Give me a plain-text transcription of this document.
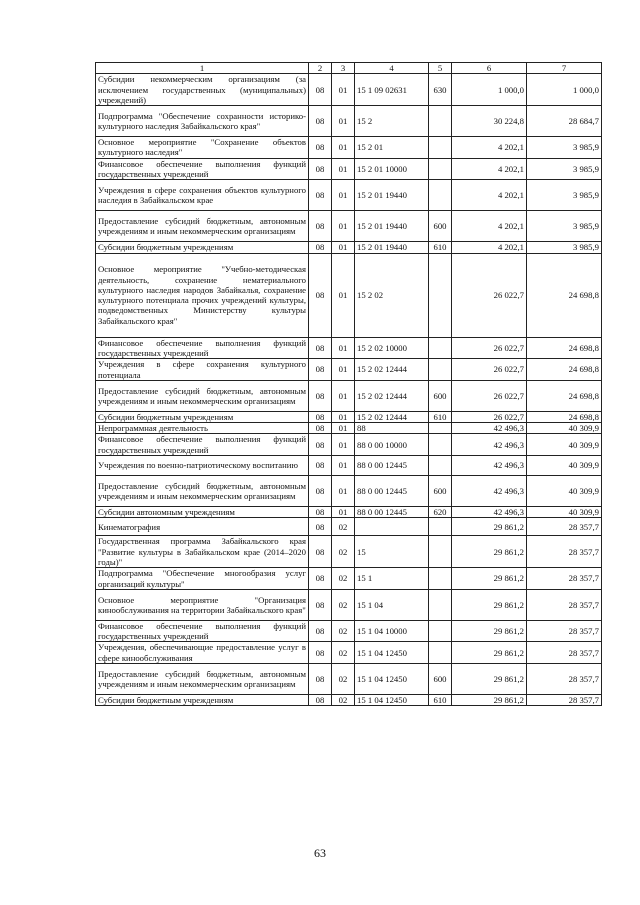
1	2	3	4	5	6	7
Субсидии некоммерческим организациям (за исключением государственных (муниципальных) учреждений)	08	01	15 1 09 02631	630	1 000,0	1 000,0
Подпрограмма "Обеспечение сохранности историко-культурного наследия Забайкальского края"	08	01	15 2		30 224,8	28 684,7
Основное мероприятие "Сохранение объектов культурного наследия"	08	01	15 2 01		4 202,1	3 985,9
Финансовое обеспечение выполнения функций государственных учреждений	08	01	15 2 01 10000		4 202,1	3 985,9
Учреждения в сфере сохранения объектов культурного наследия в Забайкальском крае	08	01	15 2 01 19440		4 202,1	3 985,9
Предоставление субсидий бюджетным, автономным учреждениям и иным некоммерческим организациям	08	01	15 2 01 19440	600	4 202,1	3 985,9
Субсидии бюджетным учреждениям	08	01	15 2 01 19440	610	4 202,1	3 985,9
Основное мероприятие "Учебно-методическая деятельность, сохранение нематериального культурного наследия народов Забайкалья, сохранение культурного потенциала прочих учреждений культуры, подведомственных Министерству культуры Забайкальского края"	08	01	15 2 02		26 022,7	24 698,8
Финансовое обеспечение выполнения функций государственных учреждений	08	01	15 2 02 10000		26 022,7	24 698,8
Учреждения в сфере сохранения культурного потенциала	08	01	15 2 02 12444		26 022,7	24 698,8
Предоставление субсидий бюджетным, автономным учреждениям и иным некоммерческим организациям	08	01	15 2 02 12444	600	26 022,7	24 698,8
Субсидии бюджетным учреждениям	08	01	15 2 02 12444	610	26 022,7	24 698,8
Непрограммная деятельность	08	01	88		42 496,3	40 309,9
Финансовое обеспечение выполнения функций государственных учреждений	08	01	88 0 00 10000		42 496,3	40 309,9
Учреждения по военно-патриотическому воспитанию	08	01	88 0 00 12445		42 496,3	40 309,9
Предоставление субсидий бюджетным, автономным учреждениям и иным некоммерческим организациям	08	01	88 0 00 12445	600	42 496,3	40 309,9
Субсидии автономным учреждениям	08	01	88 0 00 12445	620	42 496,3	40 309,9
Кинематография	08	02			29 861,2	28 357,7
Государственная программа Забайкальского края "Развитие культуры в Забайкальском крае (2014–2020 годы)"	08	02	15		29 861,2	28 357,7
Подпрограмма "Обеспечение многообразия услуг организаций культуры"	08	02	15 1		29 861,2	28 357,7
Основное мероприятие "Организация кинообслуживания на территории Забайкальского края"	08	02	15 1 04		29 861,2	28 357,7
Финансовое обеспечение выполнения функций государственных учреждений	08	02	15 1 04 10000		29 861,2	28 357,7
Учреждения, обеспечивающие предоставление услуг в сфере кинообслуживания	08	02	15 1 04 12450		29 861,2	28 357,7
Предоставление субсидий бюджетным, автономным учреждениям и иным некоммерческим организациям	08	02	15 1 04 12450	600	29 861,2	28 357,7
Субсидии бюджетным учреждениям	08	02	15 1 04 12450	610	29 861,2	28 357,7
63
